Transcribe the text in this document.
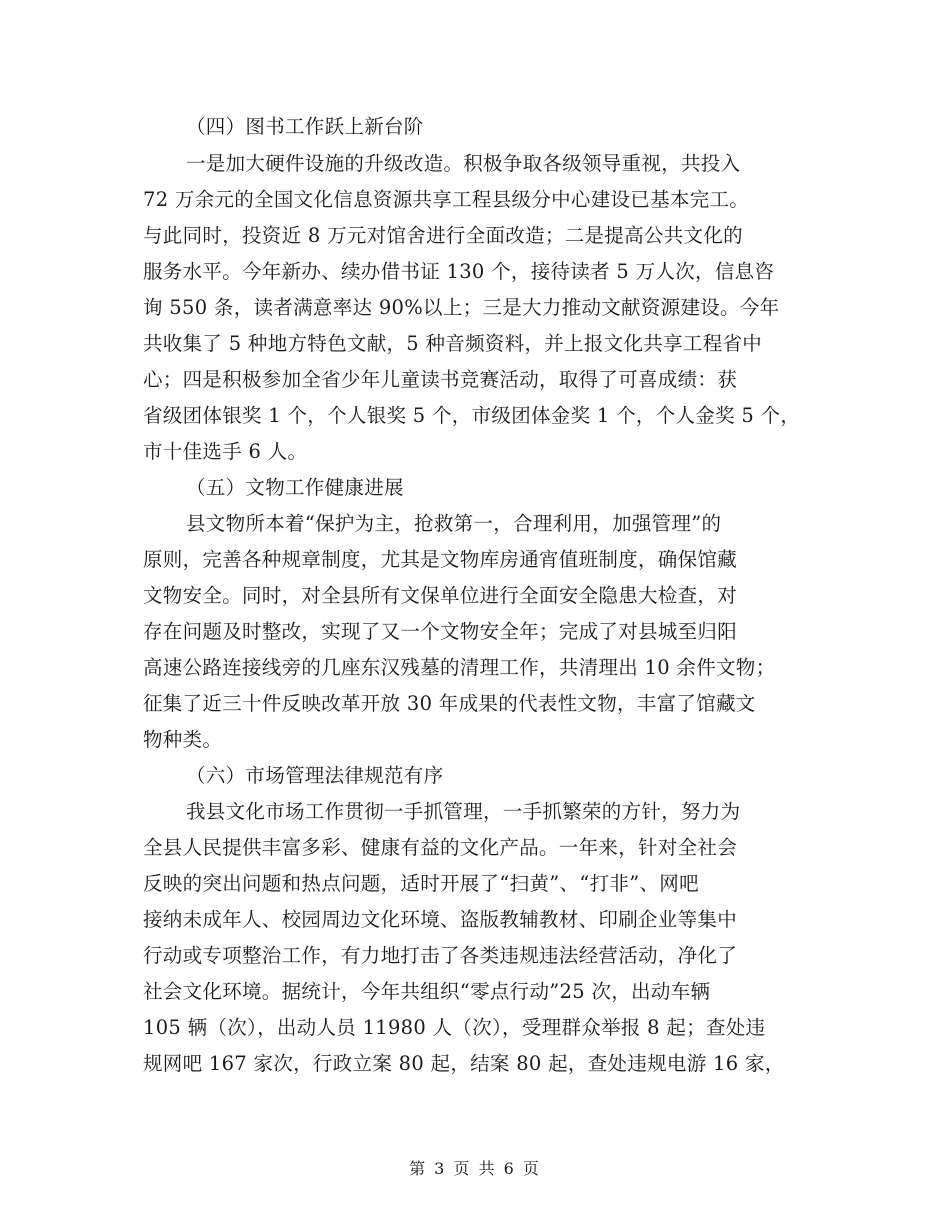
（四）图书工作跃上新台阶
一是加大硬件设施的升级改造。积极争取各级领导重视，共投入
72 万余元的全国文化信息资源共享工程县级分中心建设已基本完工。
与此同时，投资近 8 万元对馆舍进行全面改造；二是提高公共文化的
服务水平。今年新办、续办借书证 130 个，接待读者 5 万人次，信息咨
询 550 条，读者满意率达 90%以上；三是大力推动文献资源建设。今年
共收集了 5 种地方特色文献，5 种音频资料，并上报文化共享工程省中
心；四是积极参加全省少年儿童读书竞赛活动，取得了可喜成绩：获
省级团体银奖 1 个，个人银奖 5 个，市级团体金奖 1 个，个人金奖 5 个，
市十佳选手 6 人。
（五）文物工作健康进展
县文物所本着“保护为主，抢救第一，合理利用，加强管理”的
原则，完善各种规章制度，尤其是文物库房通宵值班制度，确保馆藏
文物安全。同时，对全县所有文保单位进行全面安全隐患大检查，对
存在问题及时整改，实现了又一个文物安全年；完成了对县城至归阳
高速公路连接线旁的几座东汉残墓的清理工作，共清理出 10 余件文物；
征集了近三十件反映改革开放 30 年成果的代表性文物，丰富了馆藏文
物种类。
（六）市场管理法律规范有序
我县文化市场工作贯彻一手抓管理，一手抓繁荣的方针，努力为
全县人民提供丰富多彩、健康有益的文化产品。一年来，针对全社会
反映的突出问题和热点问题，适时开展了“扫黄”、“打非”、网吧
接纳未成年人、校园周边文化环境、盗版教辅教材、印刷企业等集中
行动或专项整治工作，有力地打击了各类违规违法经营活动，净化了
社会文化环境。据统计，今年共组织“零点行动”25 次，出动车辆
105 辆（次），出动人员 11980 人（次），受理群众举报 8 起；查处违
规网吧 167 家次，行政立案 80 起，结案 80 起，查处违规电游 16 家，
第 3 页 共 6 页
